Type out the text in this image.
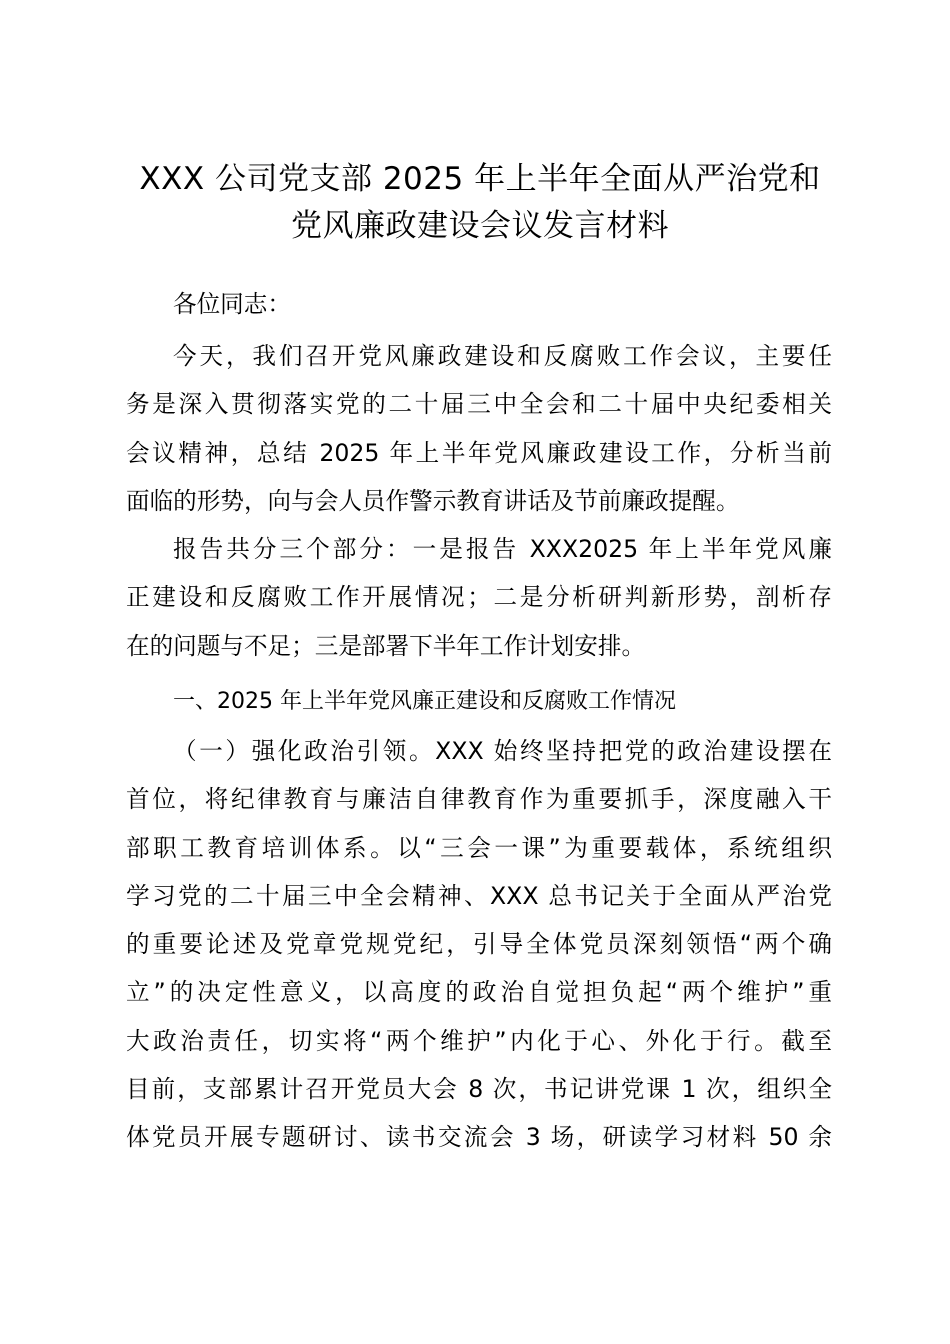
XXX 公司党支部 2025 年上半年全面从严治党和
党风廉政建设会议发言材料

各位同志：

今天，我们召开党风廉政建设和反腐败工作会议，主要任
务是深入贯彻落实党的二十届三中全会和二十届中央纪委相关
会议精神，总结 2025 年上半年党风廉政建设工作，分析当前
面临的形势，向与会人员作警示教育讲话及节前廉政提醒。
报告共分三个部分：一是报告 XXX2025 年上半年党风廉
正建设和反腐败工作开展情况；二是分析研判新形势，剖析存
在的问题与不足；三是部署下半年工作计划安排。

一、2025 年上半年党风廉正建设和反腐败工作情况

（一）强化政治引领。XXX 始终坚持把党的政治建设摆在
首位，将纪律教育与廉洁自律教育作为重要抓手，深度融入干
部职工教育培训体系。以“三会一课”为重要载体，系统组织
学习党的二十届三中全会精神、XXX 总书记关于全面从严治党
的重要论述及党章党规党纪，引导全体党员深刻领悟“两个确
立”的决定性意义，以高度的政治自觉担负起“两个维护”重
大政治责任，切实将“两个维护”内化于心、外化于行。截至
目前，支部累计召开党员大会 8 次，书记讲党课 1 次，组织全
体党员开展专题研讨、读书交流会 3 场，研读学习材料 50 余
